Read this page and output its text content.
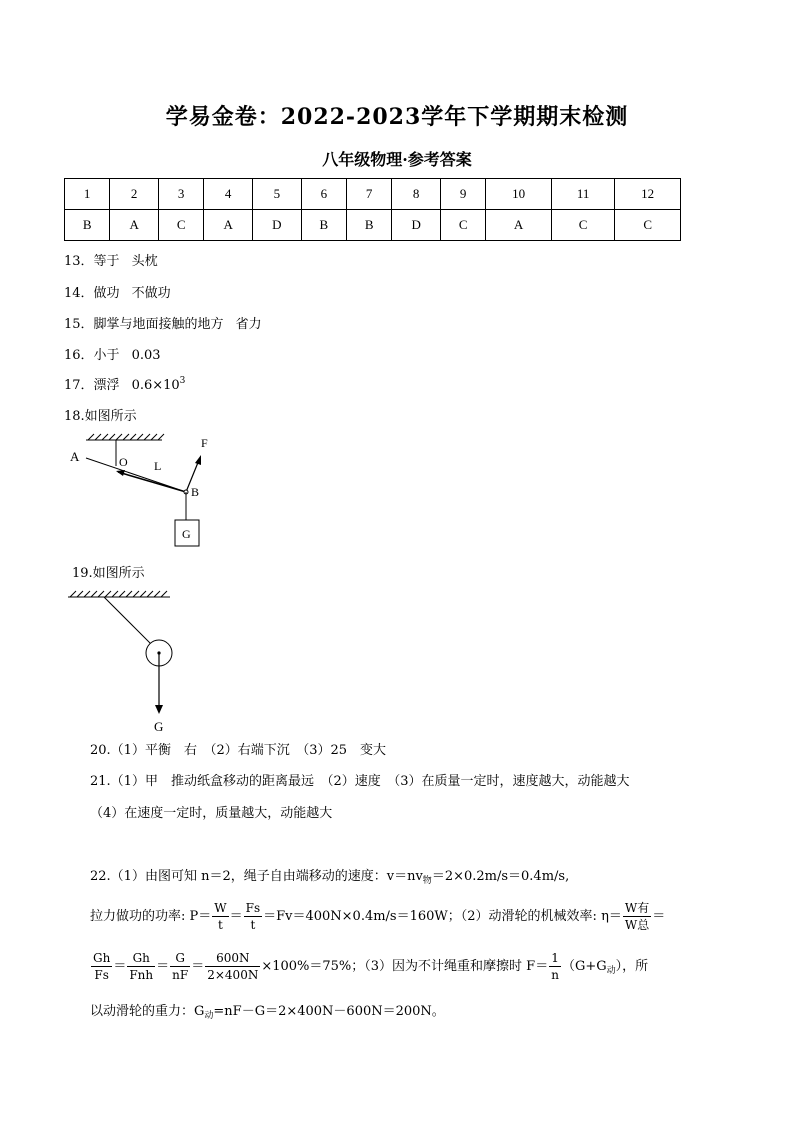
学易金卷：2022-2023学年下学期期末检测
八年级物理·参考答案
1	2	3	4	5	6	7	8	9	10	11	12
B	A	C	A	D	B	B	D	C	A	C	C
13．等于 头枕
14．做功 不做功
15．脚掌与地面接触的地方 省力
16．小于 0.03
17．漂浮 $0.6\times 10^3$
18.如图所示
A	O L
F
B
G
19.如图所示
G
20.（1）平衡　右　（2）右端下沉　（3）25　变大
21.（1）甲　推动纸盒移动的距离最远　（2）速度　（3）在质量一定时，速度越大，动能越大
（4）在速度一定时，质量越大，动能越大
22.（1）由图可知 n＝2，绳子自由端移动的速度：$v=nv_物=2\times 0.2m/s=0.4m/s$,
拉力做功的功率: $P= \frac{W}{t} = \frac{Fs}{t} =Fv=400N\times 0.4m/s=160W$；（2）动滑轮的机械效率: $\eta= \frac{\text{W有}}{\text{W总}}$ ＝
$\frac{Gh}{Fs} = \frac{Gh}{\text{Fnh}} = \frac{G}{nF} = \frac{600N}{2\times 400N} \times 100\%=75\%$；（3）因为不计绳重和摩擦时 $F= \frac{1}{n} (G+G_动)$，所
以动滑轮的重力：$G_动=nF-G=2\times 400N-600N=200N$。
